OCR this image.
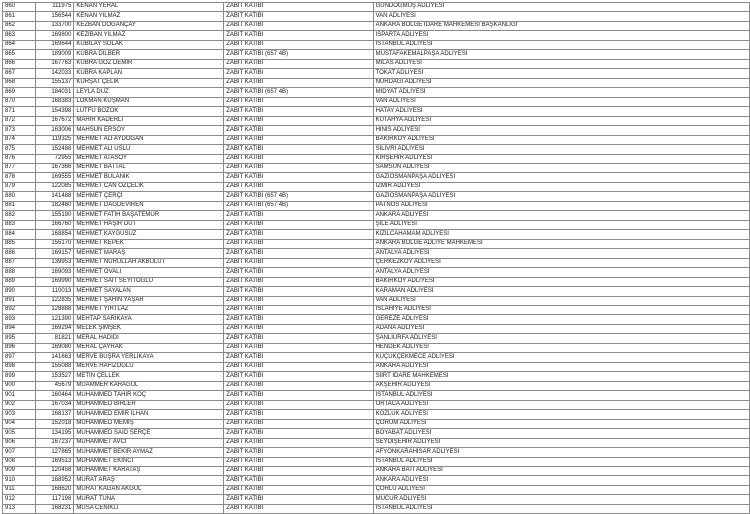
860	111975	KENAN YERAL	ZABIT KATİBİ	GÜNDOĞMUŞ ADLİYESİ
861	156544	KENAN YILMAZ	ZABIT KATİBİ	VAN ADLİYESİ
862	133700	KEZBAN DOĞANÇAY	ZABIT KATİBİ	ANKARA BÖLGE İDARE MAHKEMESİ BAŞKANLIĞI
863	169800	KEZİBAN YILMAZ	ZABIT KATİBİ	ISPARTA ADLİYESİ
864	169644	KUBİLAY SOLAK	ZABIT KATİBİ	İSTANBUL ADLİYESİ
865	189009	KÜBRA DİLBER	ZABIT KATİBİ (657 4B)	MUSTAFAKEMALPAŞA ADLİYESİ
866	167763	KÜBRA GÖZ DEMİR	ZABIT KATİBİ	MİLAS ADLİYESİ
867	142033	KÜBRA KAPLAN	ZABIT KATİBİ	TOKAT ADLİYESİ
868	155137	KURŞAT ÇELİK	ZABIT KATİBİ	NURDAĞI ADLİYESİ
869	184031	LEYLA DÜZ	ZABIT KATİBİ (657 4B)	MİDYAT ADLİYESİ
870	168383	LOKMAN KUŞMAN	ZABIT KATİBİ	VAN ADLİYESİ
871	154398	LÜTFÜ BOZOK	ZABIT KATİBİ	HATAY ADLİYESİ
872	167672	MAHİR KADERLİ	ZABIT KATİBİ	KÜTAHYA ADLİYESİ
873	163006	MAHSUN ERSOY	ZABIT KATİBİ	HINIS ADLİYESİ
874	119325	MEHMET ALİ AYDOĞAN	ZABIT KATİBİ	BAKIRKÖY ADLİYESİ
875	152488	MEHMET ALİ USLU	ZABIT KATİBİ	SİLİVRİ ADLİYESİ
876	72955	MEHMET ATASOY	ZABIT KATİBİ	KIRŞEHİR ADLİYESİ
877	167366	MEHMET BATTAL	ZABIT KATİBİ	SAMSUN ADLİYESİ
878	169555	MEHMET BULANIK	ZABIT KATİBİ	GAZİOSMANPAŞA ADLİYESİ
879	122085	MEHMET CAN ÖZÇELİK	ZABIT KATİBİ	İZMİR ADLİYESİ
880	141488	MEHMET ÇERÇİ	ZABIT KATİBİ (657 4B)	GAZİOSMANPAŞA ADLİYESİ
881	182460	MEHMET DAĞDEVİREN	ZABIT KATİBİ (657 4B)	PATNOS ADLİYESİ
882	155190	MEHMET FATİH BAŞATEMÜR	ZABIT KATİBİ	ANKARA ADLİYESİ
883	166760	MEHMET HAŞİR DUT	ZABIT KATİBİ	ŞİLE ADLİYESİ
884	168854	MEHMET KAYGUSUZ	ZABIT KATİBİ	KIZILCAHAMAM ADLİYESİ
885	155170	MEHMET KEPEK	ZABIT KATİBİ	ANKARA BÖLGE ADLİYE MAHKEMESİ
886	169157	MEHMET MARAŞ	ZABIT KATİBİ	ANTALYA ADLİYESİ
887	139953	MEHMET NURULLAH AKBULUT	ZABIT KATİBİ	ÇERKEZKÖY ADLİYESİ
888	169093	MEHMET OVALI	ZABIT KATİBİ	ANTALYA ADLİYESİ
889	169990	MEHMET SAİT SEYİTOĞLU	ZABIT KATİBİ	BAKIRKÖY ADLİYESİ
890	110013	MEHMET SAYALAN	ZABIT KATİBİ	KARAMAN ADLİYESİ
891	122835	MEHMET ŞAHİN YAŞAR	ZABIT KATİBİ	VAN ADLİYESİ
892	128888	MEHMET YIRTLAZ	ZABIT KATİBİ	İSLAHİYE ADLİYESİ
893	121390	MEHTAP SARIKAYA	ZABIT KATİBİ	GEREZE ADLİYESİ
894	169294	MELEK ŞİMŞEK	ZABIT KATİBİ	ADANA ADLİYESİ
895	81821	MERAL HADİDİ	ZABIT KATİBİ	ŞANLIURFA ADLİYESİ
896	169080	MERAL ÇAYRAK	ZABIT KATİBİ	HENDEK ADLİYESİ
897	141663	MERVE BÜŞRA YERLİKAYA	ZABIT KATİBİ	KÜÇÜKÇEKMECE ADLİYESİ
898	155088	MERVE HAFIZOĞLU	ZABIT KATİBİ	ANKARA ADLİYESİ
899	153527	METİN ÇELLEK	ZABIT KATİBİ	SİİRT İDARE MAHKEMESİ
900	45679	MUAMMER KARAGÜL	ZABIT KATİBİ	AKŞEHİR ADLİYESİ
901	160464	MUHAMMED TAHİR KOÇ	ZABIT KATİBİ	İSTANBUL ADLİYESİ
902	167034	MUHAMMED BİRLER	ZABIT KATİBİ	ORTACA ADLİYESİ
903	168137	MUHAMMED EMİR İLHAN	ZABIT KATİBİ	KOZLUK ADLİYESİ
904	152018	MUHAMMED MEMİŞ	ZABIT KATİBİ	ÇORUM ADLİYESİ
905	134195	MUHAMMED SAİD SERÇE	ZABIT KATİBİ	BOYABAT ADLİYESİ
906	167237	MUHAMMET AVCI	ZABIT KATİBİ	SEYDİŞEHİR ADLİYESİ
907	127865	MUHAMMET BEKİR AYMAZ	ZABIT KATİBİ	AFYONKARAHİSAR ADLİYESİ
908	169513	MUHAMMET EKİNCİ	ZABIT KATİBİ	İSTANBUL ADLİYESİ
909	120458	MUHAMMET KARATAŞ	ZABIT KATİBİ	ANKARA BATI ADLİYESİ
910	168952	MURAT ARAŞ	ZABIT KATİBİ	ANKARA ADLİYESİ
911	168620	MURAT KAĞAN AKGÜL	ZABIT KATİBİ	ÇORLU ADLİYESİ
912	117198	MURAT TUNA	ZABIT KATİBİ	MUCUR ADLİYESİ
913	168231	MUSA CENİKLİ	ZABIT KATİBİ	İSTANBUL ADLİYESİ
